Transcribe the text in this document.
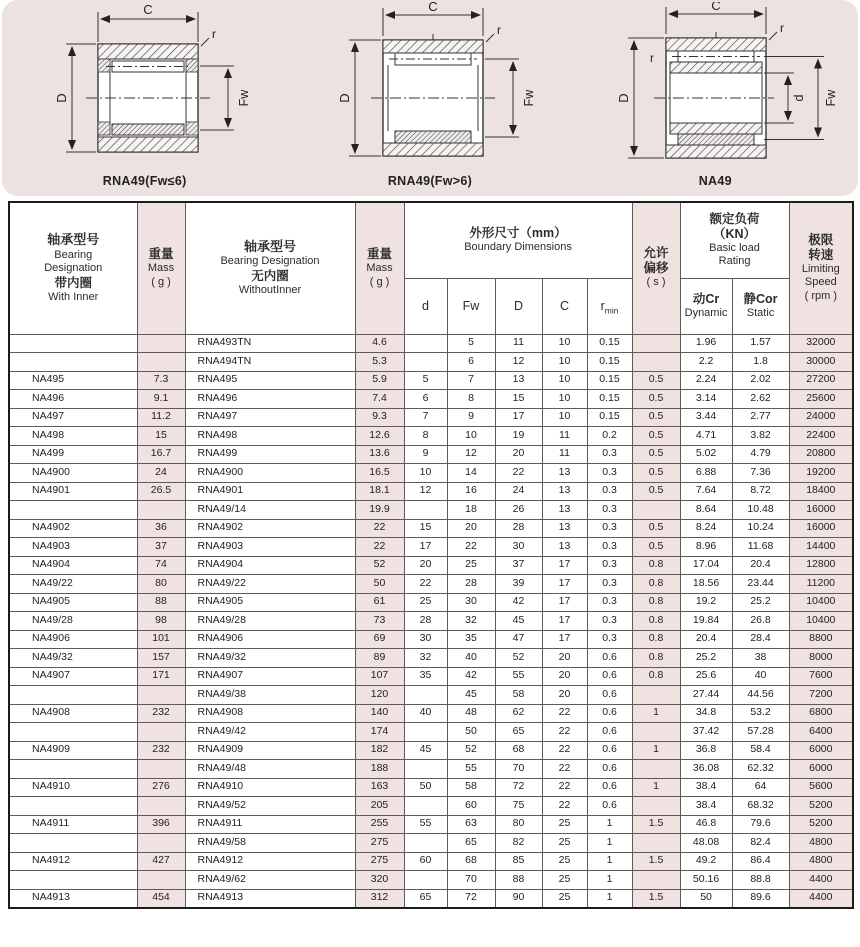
C
r
D	Fw
RNA49(Fw≤6)
C
r
D	Fw
RNA49(Fw>6)
C
r
r
D	d Fw
NA49
轴承型号
Bearing
Designation
带内圈
With Inner	重量
Mass
( g )	轴承型号
Bearing Designation
无内圈
WithoutInner	重量
Mass
( g )	外形尺寸（mm）
Boundary Dimensions					允许
偏移
( s )	额定负荷
（KN）
Basic load
Rating		极限
转速
Limiting
Speed
( rpm )

				d	Fw	D	C	$r_{min}$		动Cr
Dynamic	静Cor
Static	

		RNA493TN	4.6		5	11	10	0.15		1.96	1.57	32000
		RNA494TN	5.3		6	12	10	0.15		2.2	1.8	30000
NA495	7.3	RNA495	5.9	5	7	13	10	0.15	0.5	2.24	2.02	27200
NA496	9.1	RNA496	7.4	6	8	15	10	0.15	0.5	3.14	2.62	25600
NA497	11.2	RNA497	9.3	7	9	17	10	0.15	0.5	3.44	2.77	24000
NA498	15	RNA498	12.6	8	10	19	11	0.2	0.5	4.71	3.82	22400
NA499	16.7	RNA499	13.6	9	12	20	11	0.3	0.5	5.02	4.79	20800
NA4900	24	RNA4900	16.5	10	14	22	13	0.3	0.5	6.88	7.36	19200
NA4901	26.5	RNA4901	18.1	12	16	24	13	0.3	0.5	7.64	8.72	18400
		RNA49/14	19.9		18	26	13	0.3		8.64	10.48	16000
NA4902	36	RNA4902	22	15	20	28	13	0.3	0.5	8.24	10.24	16000
NA4903	37	RNA4903	22	17	22	30	13	0.3	0.5	8.96	11.68	14400
NA4904	74	RNA4904	52	20	25	37	17	0.3	0.8	17.04	20.4	12800
NA49/22	80	RNA49/22	50	22	28	39	17	0.3	0.8	18.56	23.44	11200
NA4905	88	RNA4905	61	25	30	42	17	0.3	0.8	19.2	25.2	10400
NA49/28	98	RNA49/28	73	28	32	45	17	0.3	0.8	19.84	26.8	10400
NA4906	101	RNA4906	69	30	35	47	17	0.3	0.8	20.4	28.4	8800
NA49/32	157	RNA49/32	89	32	40	52	20	0.6	0.8	25.2	38	8000
NA4907	171	RNA4907	107	35	42	55	20	0.6	0.8	25.6	40	7600
		RNA49/38	120		45	58	20	0.6		27.44	44.56	7200
NA4908	232	RNA4908	140	40	48	62	22	0.6	1	34.8	53.2	6800
		RNA49/42	174		50	65	22	0.6		37.42	57.28	6400
NA4909	232	RNA4909	182	45	52	68	22	0.6	1	36.8	58.4	6000
		RNA49/48	188		55	70	22	0.6		36.08	62.32	6000
NA4910	276	RNA4910	163	50	58	72	22	0.6	1	38.4	64	5600
		RNA49/52	205		60	75	22	0.6		38.4	68.32	5200
NA4911	396	RNA4911	255	55	63	80	25	1	1.5	46.8	79.6	5200
		RNA49/58	275		65	82	25	1		48.08	82.4	4800
NA4912	427	RNA4912	275	60	68	85	25	1	1.5	49.2	86.4	4800
		RNA49/62	320		70	88	25	1		50.16	88.8	4400
NA4913	454	RNA4913	312	65	72	90	25	1	1.5	50	89.6	4400
